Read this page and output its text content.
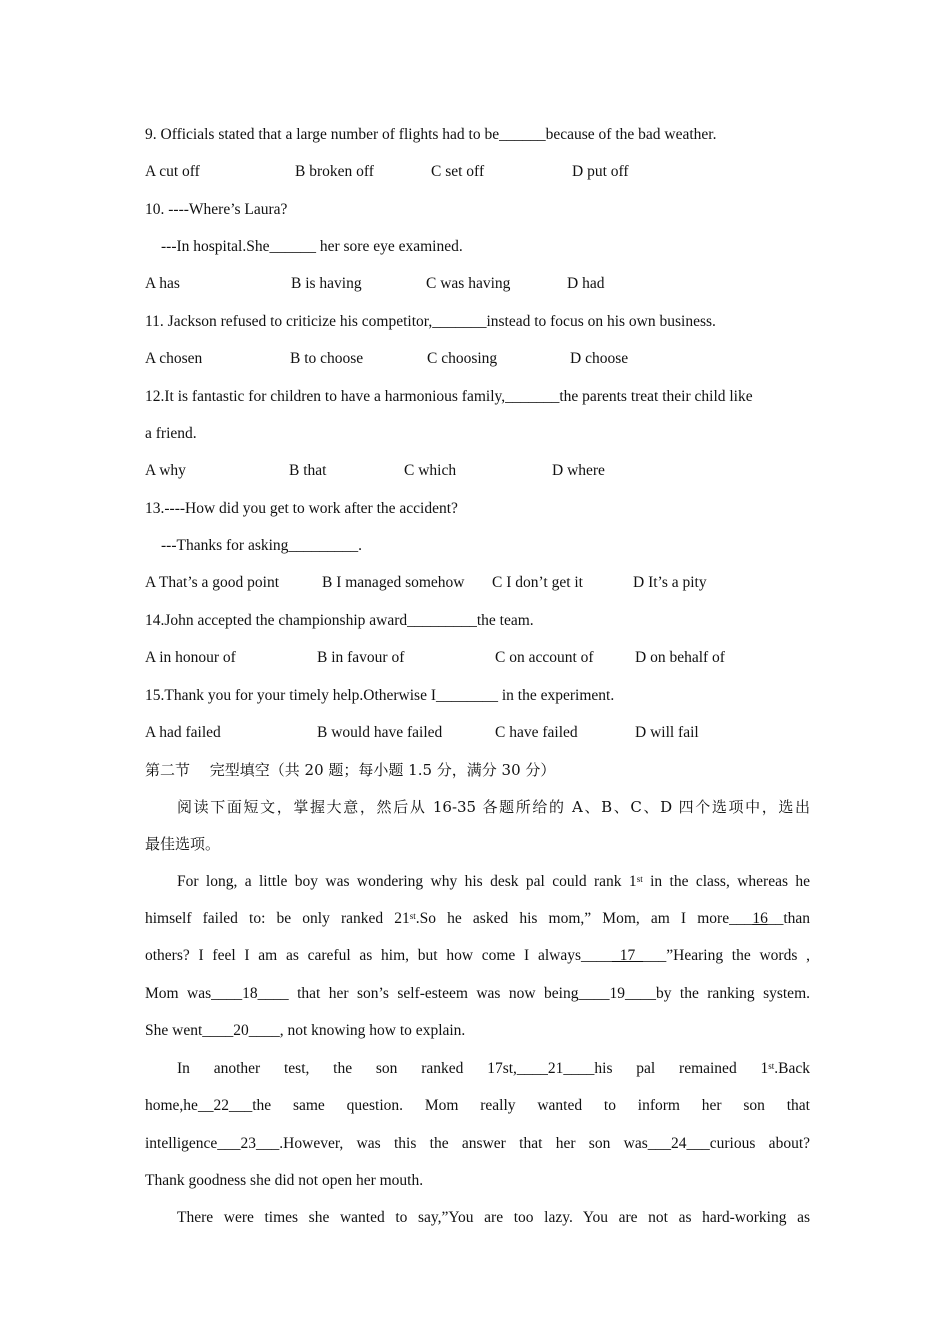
9. Officials stated that a large number of flights had to be______because of the bad weather.
A cut off	B broken off	C set off	D put off
10. ----Where’s Laura?
---In hospital.She______ her sore eye examined.
A has	B is having	C was having	D had
11. Jackson refused to criticize his competitor,_______instead to focus on his own business.
A chosen	B to choose	C choosing	D choose
12.It is fantastic for children to have a harmonious family,_______the parents treat their child like
a friend.
A why	B that	C which	D where
13.----How did you get to work after the accident?
---Thanks for asking_________.
A That’s a good point	B I managed somehow C I don’t get it	D It’s a pity
14.John accepted the championship award_________the team.
A in honour of	B in favour of	C on account of	D on behalf of
15.Thank you for your timely help.Otherwise I________ in the experiment.
A had failed	B would have failed	C have failed	D will fail
第二节　 完型填空（共 20 题；每小题 1.5 分，满分 30 分）
阅读下面短文，掌握大意，然后从 16-35 各题所给的 A、B、C、D 四个选项中，选出
最佳选项。
For long, a little boy was wondering why his desk pal could rank 1st in the class, whereas he
himself failed to: be only ranked 21st.So he asked his mom,” Mom, am I more___16__than
others? I feel I am as careful as him, but how come I always_____17____”Hearing the words ,
Mom was____18____ that her son’s self-esteem was now being____19____by the ranking system.
She went____20____, not knowing how to explain.
In another test, the son ranked 17st,____21____his pal remained 1st.Back
home,he__22___the same question. Mom really wanted to inform her son that
intelligence___23___.However, was this the answer that her son was___24___curious about?
Thank goodness she did not open her mouth.
There were times she wanted to say,”You are too lazy. You are not as hard-working as
